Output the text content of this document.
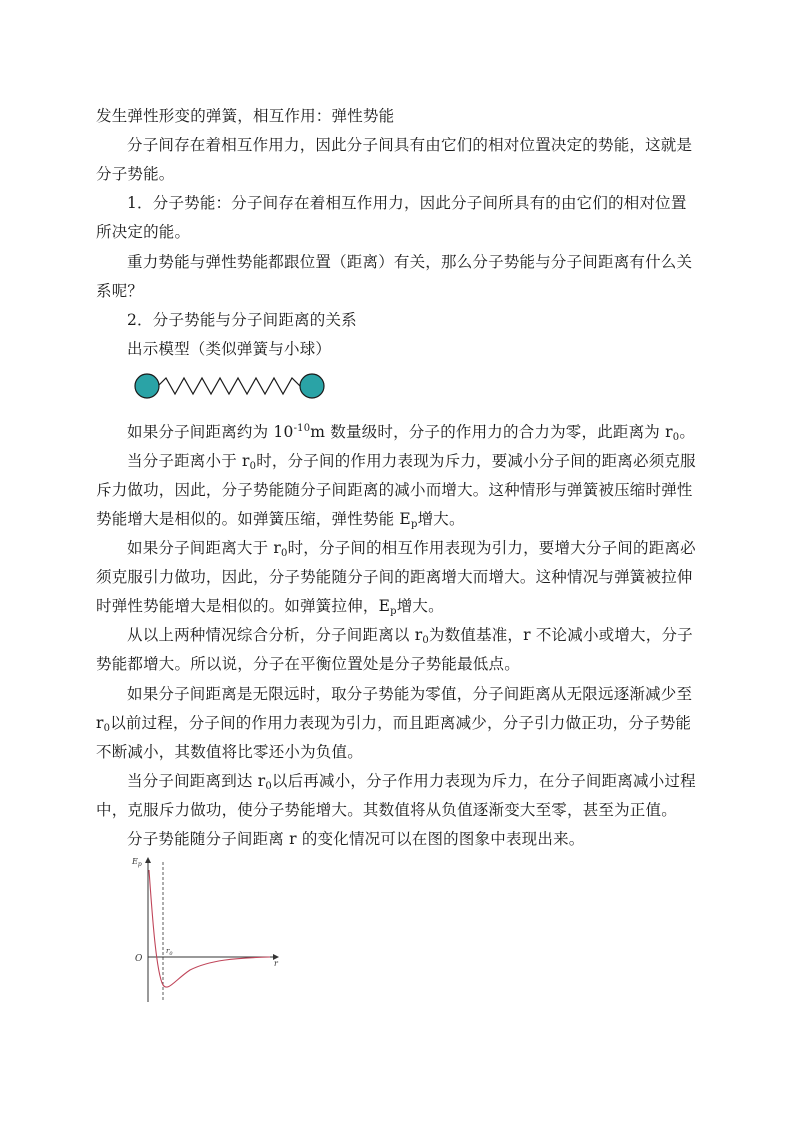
发生弹性形变的弹簧，相互作用：弹性势能
分子间存在着相互作用力，因此分子间具有由它们的相对位置决定的势能，这就是
分子势能。
1．分子势能：分子间存在着相互作用力，因此分子间所具有的由它们的相对位置
所决定的能。
重力势能与弹性势能都跟位置（距离）有关，那么分子势能与分子间距离有什么关
系呢？
2．分子势能与分子间距离的关系
出示模型（类似弹簧与小球）
如果分子间距离约为 $10^{-10}m$ 数量级时，分子的作用力的合力为零，此距离为 $r_0$。
当分子距离小于 $r_0$时，分子间的作用力表现为斥力，要减小分子间的距离必须克服
斥力做功，因此，分子势能随分子间距离的减小而增大。这种情形与弹簧被压缩时弹性
势能增大是相似的。如弹簧压缩，弹性势能 $E_p$增大。
如果分子间距离大于 $r_0$时，分子间的相互作用表现为引力，要增大分子间的距离必
须克服引力做功，因此，分子势能随分子间的距离增大而增大。这种情况与弹簧被拉伸
时弹性势能增大是相似的。如弹簧拉伸，$E_p$增大。
从以上两种情况综合分析，分子间距离以 $r_0$为数值基准，r 不论减小或增大，分子
势能都增大。所以说，分子在平衡位置处是分子势能最低点。
如果分子间距离是无限远时，取分子势能为零值，分子间距离从无限远逐渐减少至
$r_0$以前过程，分子间的作用力表现为引力，而且距离减少，分子引力做正功，分子势能
不断减小，其数值将比零还小为负值。
当分子间距离到达 $r_0$以后再减小，分子作用力表现为斥力，在分子间距离减小过程
中，克服斥力做功，使分子势能增大。其数值将从负值逐渐变大至零，甚至为正值。
分子势能随分子间距离 r 的变化情况可以在图的图象中表现出来。
$E_p$
O
$r_0$
r
